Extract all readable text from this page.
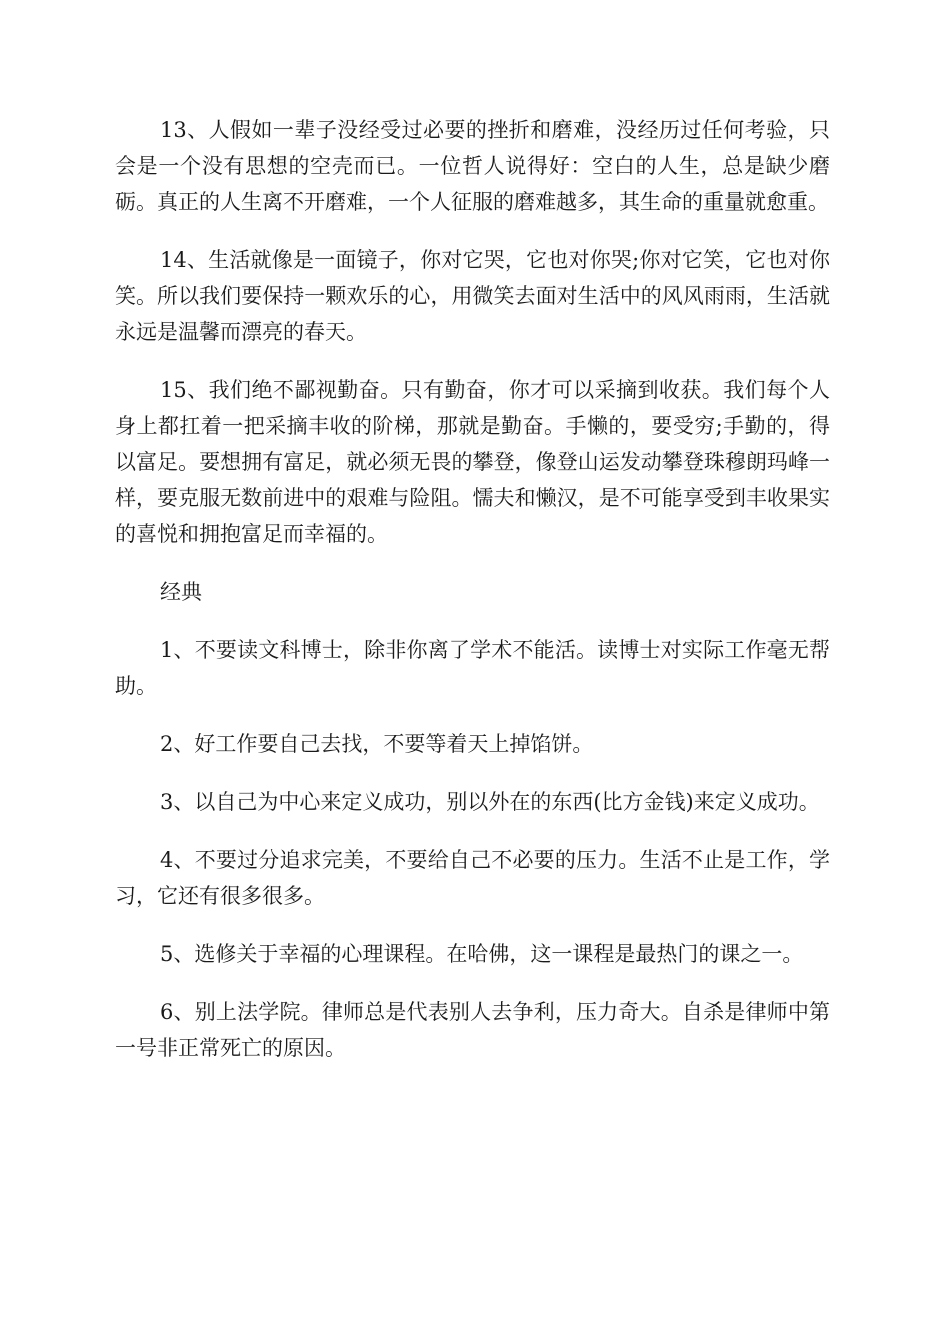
13、人假如一辈子没经受过必要的挫折和磨难，没经历过任何考验，只会是一个没有思想的空壳而已。一位哲人说得好：空白的人生，总是缺少磨砺。真正的人生离不开磨难，一个人征服的磨难越多，其生命的重量就愈重。

14、生活就像是一面镜子，你对它哭，它也对你哭;你对它笑，它也对你笑。所以我们要保持一颗欢乐的心，用微笑去面对生活中的风风雨雨，生活就永远是温馨而漂亮的春天。

15、我们绝不鄙视勤奋。只有勤奋，你才可以采摘到收获。我们每个人身上都扛着一把采摘丰收的阶梯，那就是勤奋。手懒的，要受穷;手勤的，得以富足。要想拥有富足，就必须无畏的攀登，像登山运发动攀登珠穆朗玛峰一样，要克服无数前进中的艰难与险阻。懦夫和懒汉，是不可能享受到丰收果实的喜悦和拥抱富足而幸福的。

经典

1、不要读文科博士，除非你离了学术不能活。读博士对实际工作毫无帮助。

2、好工作要自己去找，不要等着天上掉馅饼。

3、以自己为中心来定义成功，别以外在的东西(比方金钱)来定义成功。

4、不要过分追求完美，不要给自己不必要的压力。生活不止是工作，学习，它还有很多很多。

5、选修关于幸福的心理课程。在哈佛，这一课程是最热门的课之一。

6、别上法学院。律师总是代表别人去争利，压力奇大。自杀是律师中第一号非正常死亡的原因。
